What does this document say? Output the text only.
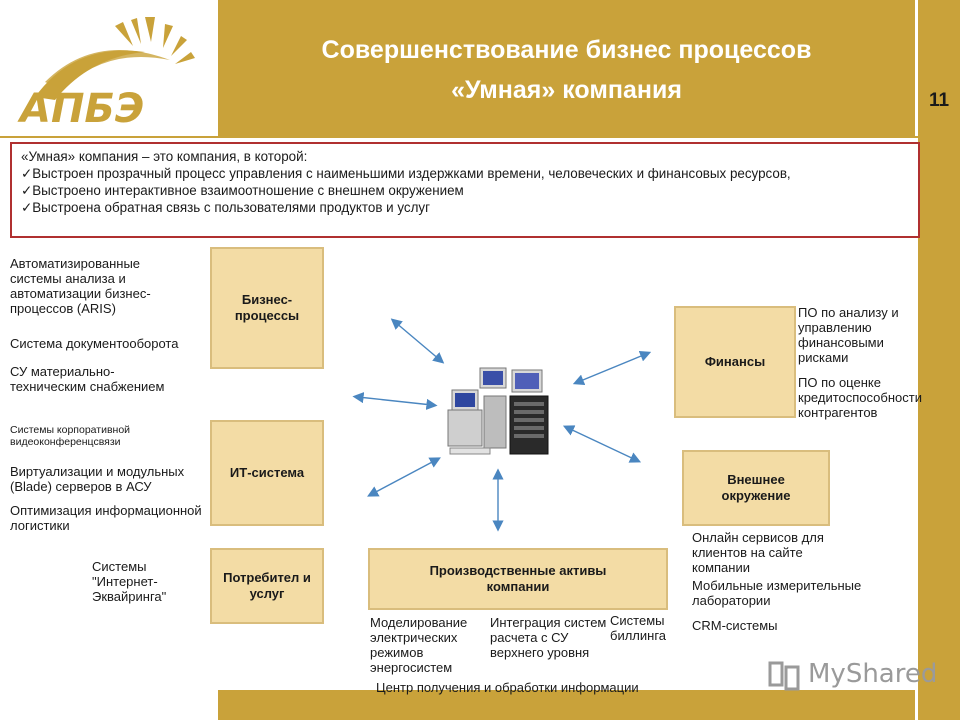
АПБЭ
Совершенствование бизнес процессов
«Умная» компания	11

«Умная» компания – это компания, в которой:

✓Выстроен прозрачный процесс управления с наименьшими издержками времени, человеческих и финансовых ресурсов,

✓Выстроено интерактивное взаимоотношение с внешнем окружением

✓Выстроена обратная связь с пользователями продуктов и услуг

Бизнес-процессы
Автоматизированные системы анализа и автоматизации бизнес-процессов (ARIS)
Система документооборота
СУ материально-техническим снабжением
ИТ-система
Системы корпоративной видеоконференцсвязи
Виртуализации и модульных (Blade) серверов в АСУ
Оптимизация информационной логистики
Потребител и услуг
Системы "Интернет-Эквайринга"
Финансы
ПО по анализу и управлению финансовыми рисками
ПО по оценке кредитоспособности контрагентов
Внешнее окружение
Онлайн сервисов для клиентов на сайте компании
Мобильные измерительные лаборатории
CRM-системы
Производственные активы компании
Моделирование электрических режимов энергосистем
Интеграция систем расчета с СУ верхнего уровня
Системы биллинга
Центр получения и обработки информации	MyShared
